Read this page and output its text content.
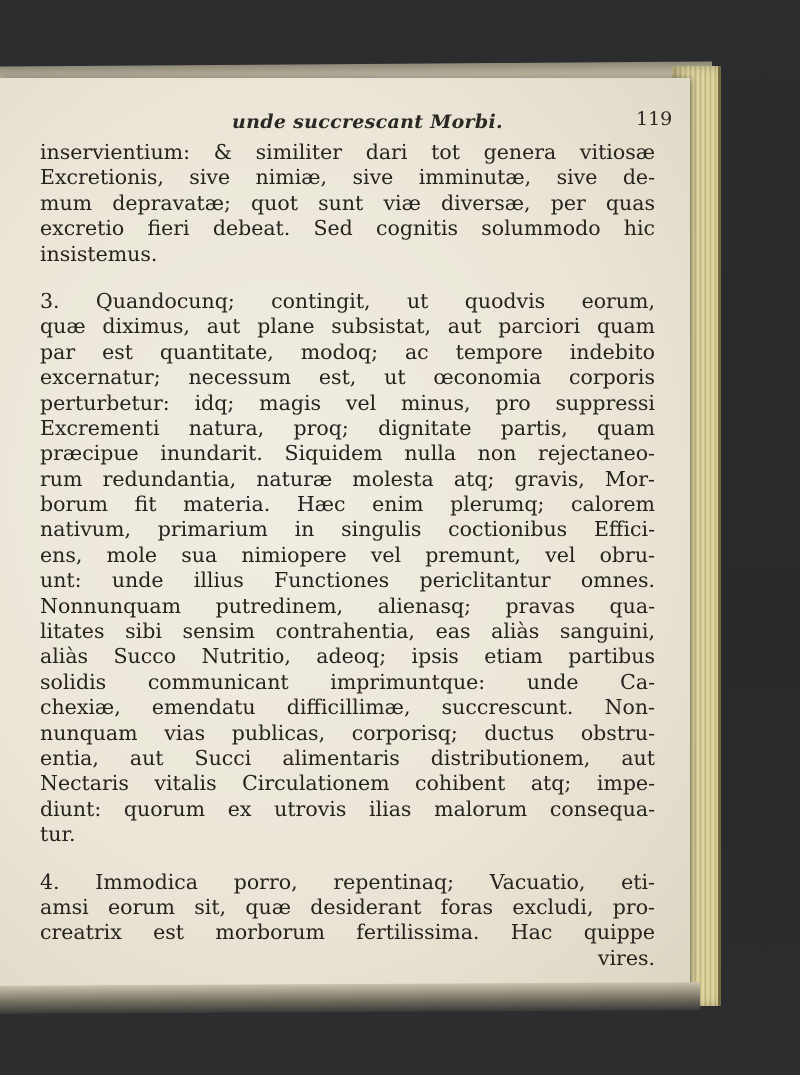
unde succrescant Morbi.	119
inservientium: & similiter dari tot genera vitiosæ
Excretionis, sive nimiæ, sive imminutæ, sive de-
mum depravatæ; quot sunt viæ diversæ, per quas
excretio fieri debeat. Sed cognitis solummodo hic
insistemus.
3. Quandocunq; contingit, ut quodvis eorum,
quæ diximus, aut plane subsistat, aut parciori quam
par est quantitate, modoq; ac tempore indebito
excernatur; necessum est, ut œconomia corporis
perturbetur: idq; magis vel minus, pro suppressi
Excrementi natura, proq; dignitate partis, quam
præcipue inundarit. Siquidem nulla non rejectaneo-
rum redundantia, naturæ molesta atq; gravis, Mor-
borum fit materia. Hæc enim plerumq; calorem
nativum, primarium in singulis coctionibus Effici-
ens, mole sua nimiopere vel premunt, vel obru-
unt: unde illius Functiones periclitantur omnes.
Nonnunquam putredinem, alienasq; pravas qua-
litates sibi sensim contrahentia, eas aliàs sanguini,
aliàs Succo Nutritio, adeoq; ipsis etiam partibus
solidis communicant imprimuntque: unde Ca-
chexiæ, emendatu difficillimæ, succrescunt. Non-
nunquam vias publicas, corporisq; ductus obstru-
entia, aut Succi alimentaris distributionem, aut
Nectaris vitalis Circulationem cohibent atq; impe-
diunt: quorum ex utrovis ilias malorum consequa-
tur.
4. Immodica porro, repentinaq; Vacuatio, eti-
amsi eorum sit, quæ desiderant foras excludi, pro-
creatrix est morborum fertilissima. Hac quippe
vires.
